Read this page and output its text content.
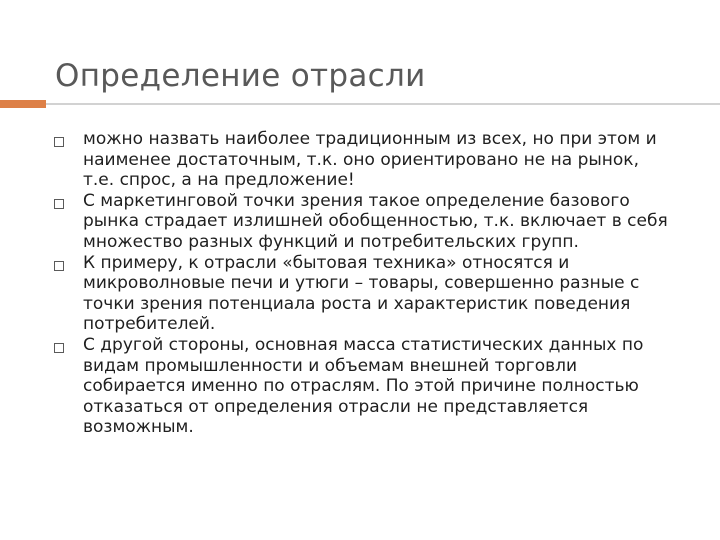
Определение отрасли
можно назвать наиболее традиционным из всех, но при этом и
наименее достаточным, т.к. оно ориентировано не на рынок,
т.е. спрос, а на предложение!
С маркетинговой точки зрения такое определение базового
рынка страдает излишней обобщенностью, т.к. включает в себя
множество разных функций и потребительских групп.
К примеру, к отрасли «бытовая техника» относятся и
микроволновые печи и утюги – товары, совершенно разные с
точки зрения потенциала роста и характеристик поведения
потребителей.
С другой стороны, основная масса статистических данных по
видам промышленности и объемам внешней торговли
собирается именно по отраслям. По этой причине полностью
отказаться от определения отрасли не представляется
возможным.
